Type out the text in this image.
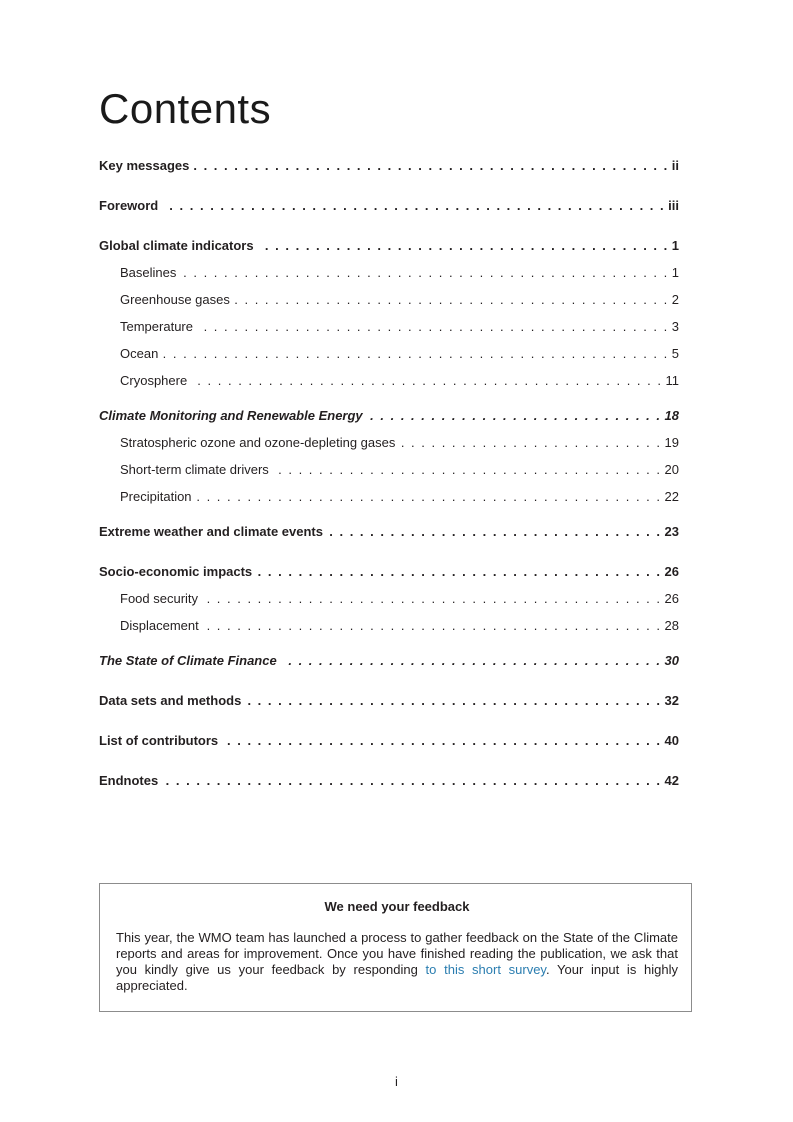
Contents
Key messages . . .	ii
Foreword . . .	iii
Global climate indicators . . .	1
Baselines . . .	1
Greenhouse gases . . .	2
Temperature . . .	3
Ocean . . .	5
Cryosphere . . .	11
Climate Monitoring and Renewable Energy . . .	18
Stratospheric ozone and ozone-depleting gases . . .	19
Short-term climate drivers . . .	20
Precipitation . . .	22
Extreme weather and climate events . . .	23
Socio-economic impacts . . .	26
Food security . . .	26
Displacement . . .	28
The State of Climate Finance . . .	30
Data sets and methods . . .	32
List of contributors . . .	40
Endnotes . . .	42
We need your feedback

This year, the WMO team has launched a process to gather feedback on the State of the Climate reports and areas for improvement. Once you have finished reading the publication, we ask that you kindly give us your feedback by responding to this short survey. Your input is highly appreciated.

i
